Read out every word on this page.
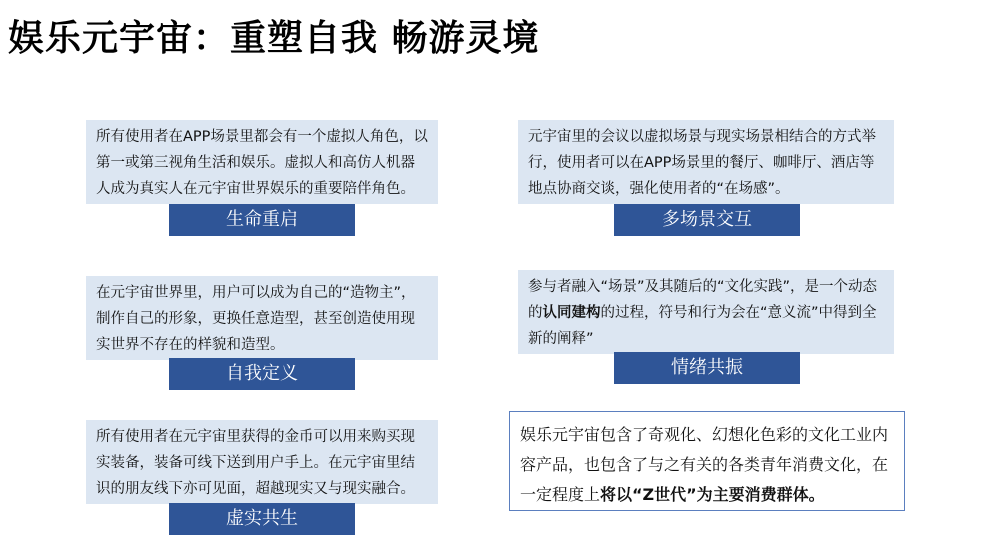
娱乐元宇宙：重塑自我 畅游灵境
所有使用者在APP场景里都会有一个虚拟人角色，以第一或第三视角生活和娱乐。虚拟人和高仿人机器人成为真实人在元宇宙世界娱乐的重要陪伴角色。
生命重启
在元宇宙世界里，用户可以成为自己的“造物主”，制作自己的形象，更换任意造型，甚至创造使用现实世界不存在的样貌和造型。
自我定义
所有使用者在元宇宙里获得的金币可以用来购买现实装备，装备可线下送到用户手上。在元宇宙里结识的朋友线下亦可见面，超越现实又与现实融合。
虚实共生
元宇宙里的会议以虚拟场景与现实场景相结合的方式举行，使用者可以在APP场景里的餐厅、咖啡厅、酒店等地点协商交谈，强化使用者的“在场感”。
多场景交互
参与者融入“场景”及其随后的“文化实践”，是一个动态的认同建构的过程，符号和行为会在“意义流”中得到全新的阐释”
情绪共振
娱乐元宇宙包含了奇观化、幻想化色彩的文化工业内容产品，也包含了与之有关的各类青年消费文化，在一定程度上将以“Z世代”为主要消费群体。
